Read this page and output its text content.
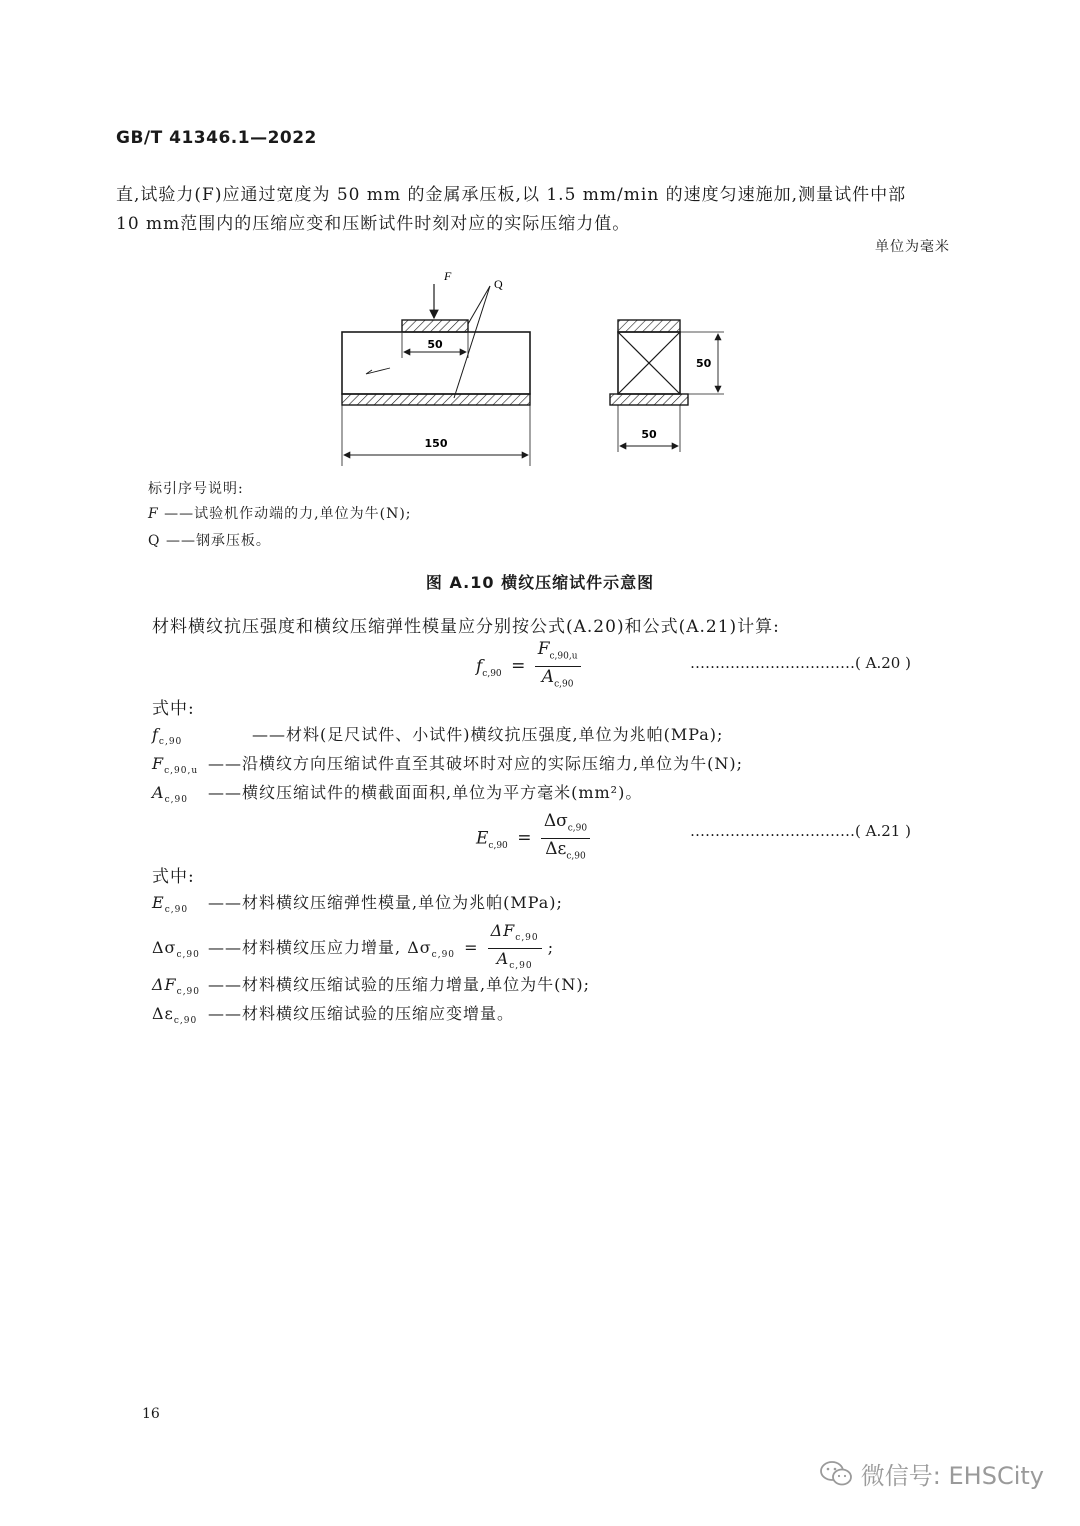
GB/T 41346.1—2022
直,试验力(F)应通过宽度为 50 mm 的金属承压板,以 1.5 mm/min 的速度匀速施加,测量试件中部
10 mm范围内的压缩应变和压断试件时刻对应的实际压缩力值。
单位为毫米
F
Q
50
150
50
50
标引序号说明:
F ——试验机作动端的力,单位为牛(N);
Q ——钢承压板。
图 A.10 横纹压缩试件示意图
材料横纹抗压强度和横纹压缩弹性模量应分别按公式(A.20)和公式(A.21)计算:
$f_{c,90} = \frac{F_{c,90,u}}{A_{c,90}}$	……………………………( A.20 )
式中:
$f_{c,90}$	——材料(足尺试件、小试件)横纹抗压强度,单位为兆帕(MPa);
$F_{c,90,u}$ ——沿横纹方向压缩试件直至其破坏时对应的实际压缩力,单位为牛(N);
$A_{c,90}$ ——横纹压缩试件的横截面面积,单位为平方毫米(mm²)。
$E_{c,90} = \frac{\Delta\sigma_{c,90}}{\Delta\varepsilon_{c,90}}$	……………………………( A.21 )
式中:
$E_{c,90}$ ——材料横纹压缩弹性模量,单位为兆帕(MPa);
$\Delta\sigma_{c,90}$ ——材料横纹压应力增量, $\Delta\sigma_{c,90} = \frac{\Delta F_{c,90}}{A_{c,90}}$ ;
$\Delta F_{c,90}$ ——材料横纹压缩试验的压缩力增量,单位为牛(N);
$\Delta\varepsilon_{c,90}$ ——材料横纹压缩试验的压缩应变增量。
16
微信号: EHSCity
